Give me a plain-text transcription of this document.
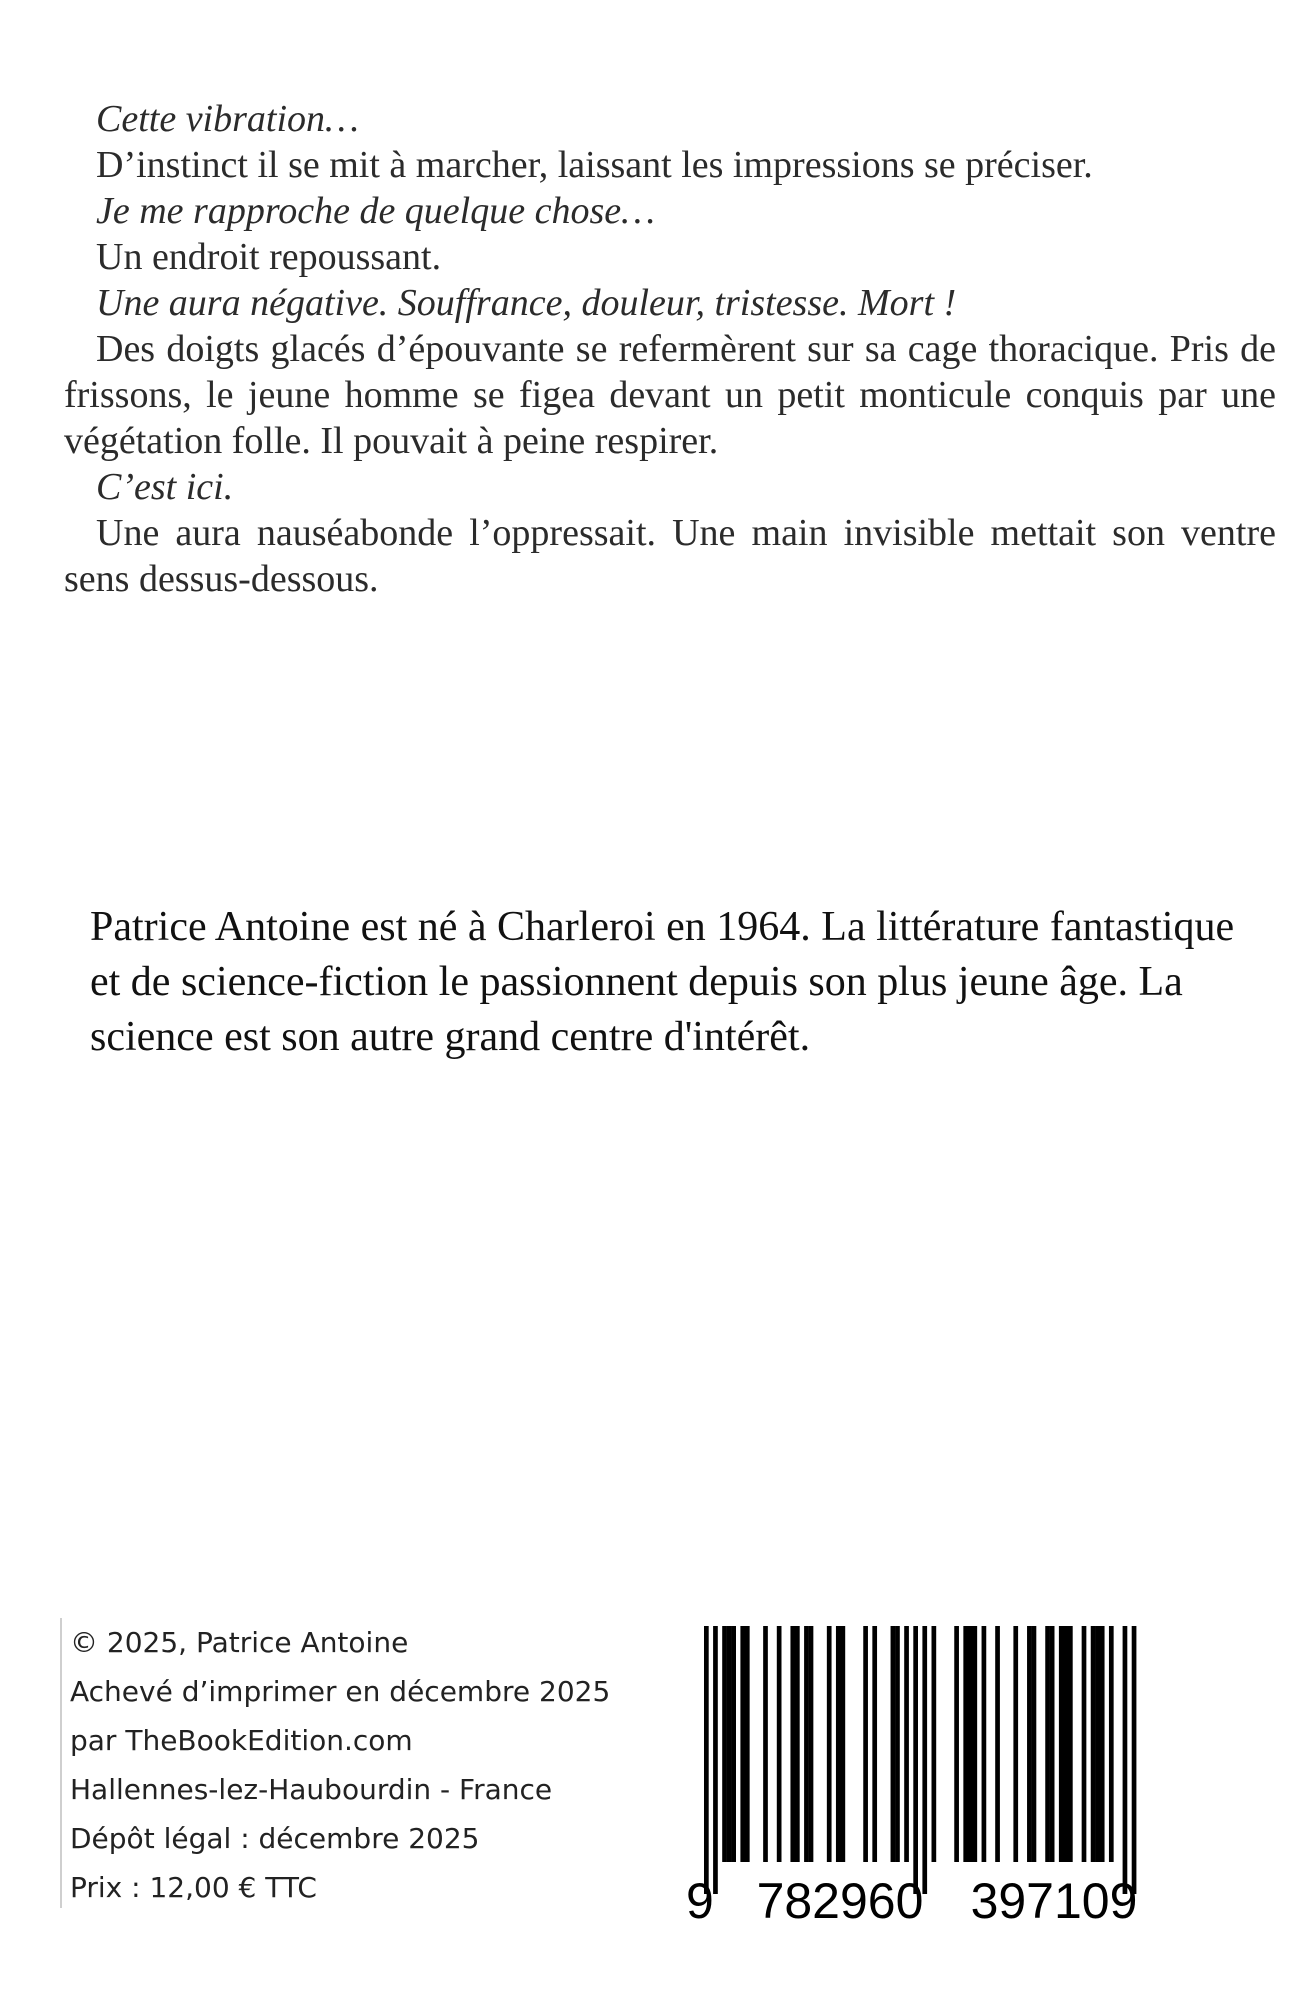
Cette vibration…

D’instinct il se mit à marcher, laissant les impressions se préciser.

Je me rapproche de quelque chose…

Un endroit repoussant.

Une aura négative. Souffrance, douleur, tristesse. Mort !

Des doigts glacés d’épouvante se refermèrent sur sa cage thoracique. Pris de frissons, le jeune homme se figea devant un petit monticule conquis par une végétation folle. Il pouvait à peine respirer.

C’est ici.

Une aura nauséabonde l’oppressait. Une main invisible mettait son ventre sens dessus-dessous.

Patrice Antoine est né à Charleroi en 1964. La littérature fantastique et de science-fiction le passionnent depuis son plus jeune âge. La science est son autre grand centre d'intérêt.

© 2025, Patrice Antoine
Achevé d’imprimer en décembre 2025
par TheBookEdition.com
Hallennes-lez-Haubourdin - France
Dépôt légal : décembre 2025
Prix : 12,00 € TTC	9 782960 397109
